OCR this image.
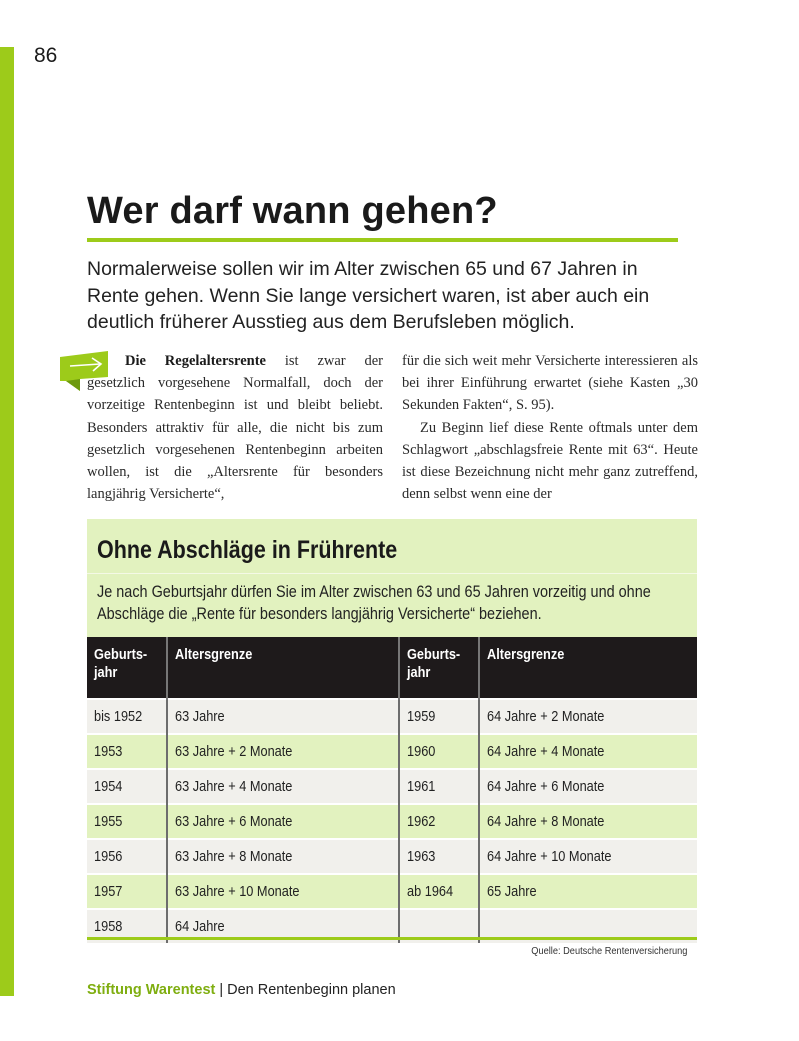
86
Wer darf wann gehen?

Normalerweise sollen wir im Alter zwischen 65 und 67 Jahren in Rente gehen. Wenn Sie lange versichert waren, ist aber auch ein deutlich früherer Ausstieg aus dem Berufsleben möglich.

Die Regelaltersrente ist zwar der gesetzlich vorgesehene Normalfall, doch der vorzeitige Rentenbeginn ist und bleibt beliebt. Besonders attraktiv für alle, die nicht bis zum gesetzlich vorgesehenen Rentenbeginn arbeiten wollen, ist die „Altersrente für besonders langjährig Versicherte“,

für die sich weit mehr Versicherte interessieren als bei ihrer Einführung erwartet (siehe Kasten „30 Sekunden Fakten“, S. 95).

Zu Beginn lief diese Rente oftmals unter dem Schlagwort „abschlagsfreie Rente mit 63“. Heute ist diese Bezeichnung nicht mehr ganz zutreffend, denn selbst wenn eine der

Ohne Abschläge in Frührente

Je nach Geburtsjahr dürfen Sie im Alter zwischen 63 und 65 Jahren vorzeitig und ohne Abschläge die „Rente für besonders langjährig Versicherte“ beziehen.

Geburts-
jahr	Altersgrenze	Geburts-
jahr	Altersgrenze
bis 1952	63 Jahre	1959	64 Jahre + 2 Monate
1953	63 Jahre + 2 Monate	1960	64 Jahre + 4 Monate
1954	63 Jahre + 4 Monate	1961	64 Jahre + 6 Monate
1955	63 Jahre + 6 Monate	1962	64 Jahre + 8 Monate
1956	63 Jahre + 8 Monate	1963	64 Jahre + 10 Monate
1957	63 Jahre + 10 Monate	ab 1964	65 Jahre
1958	64 Jahre		
Quelle: Deutsche Rentenversicherung
Stiftung Warentest | Den Rentenbeginn planen
